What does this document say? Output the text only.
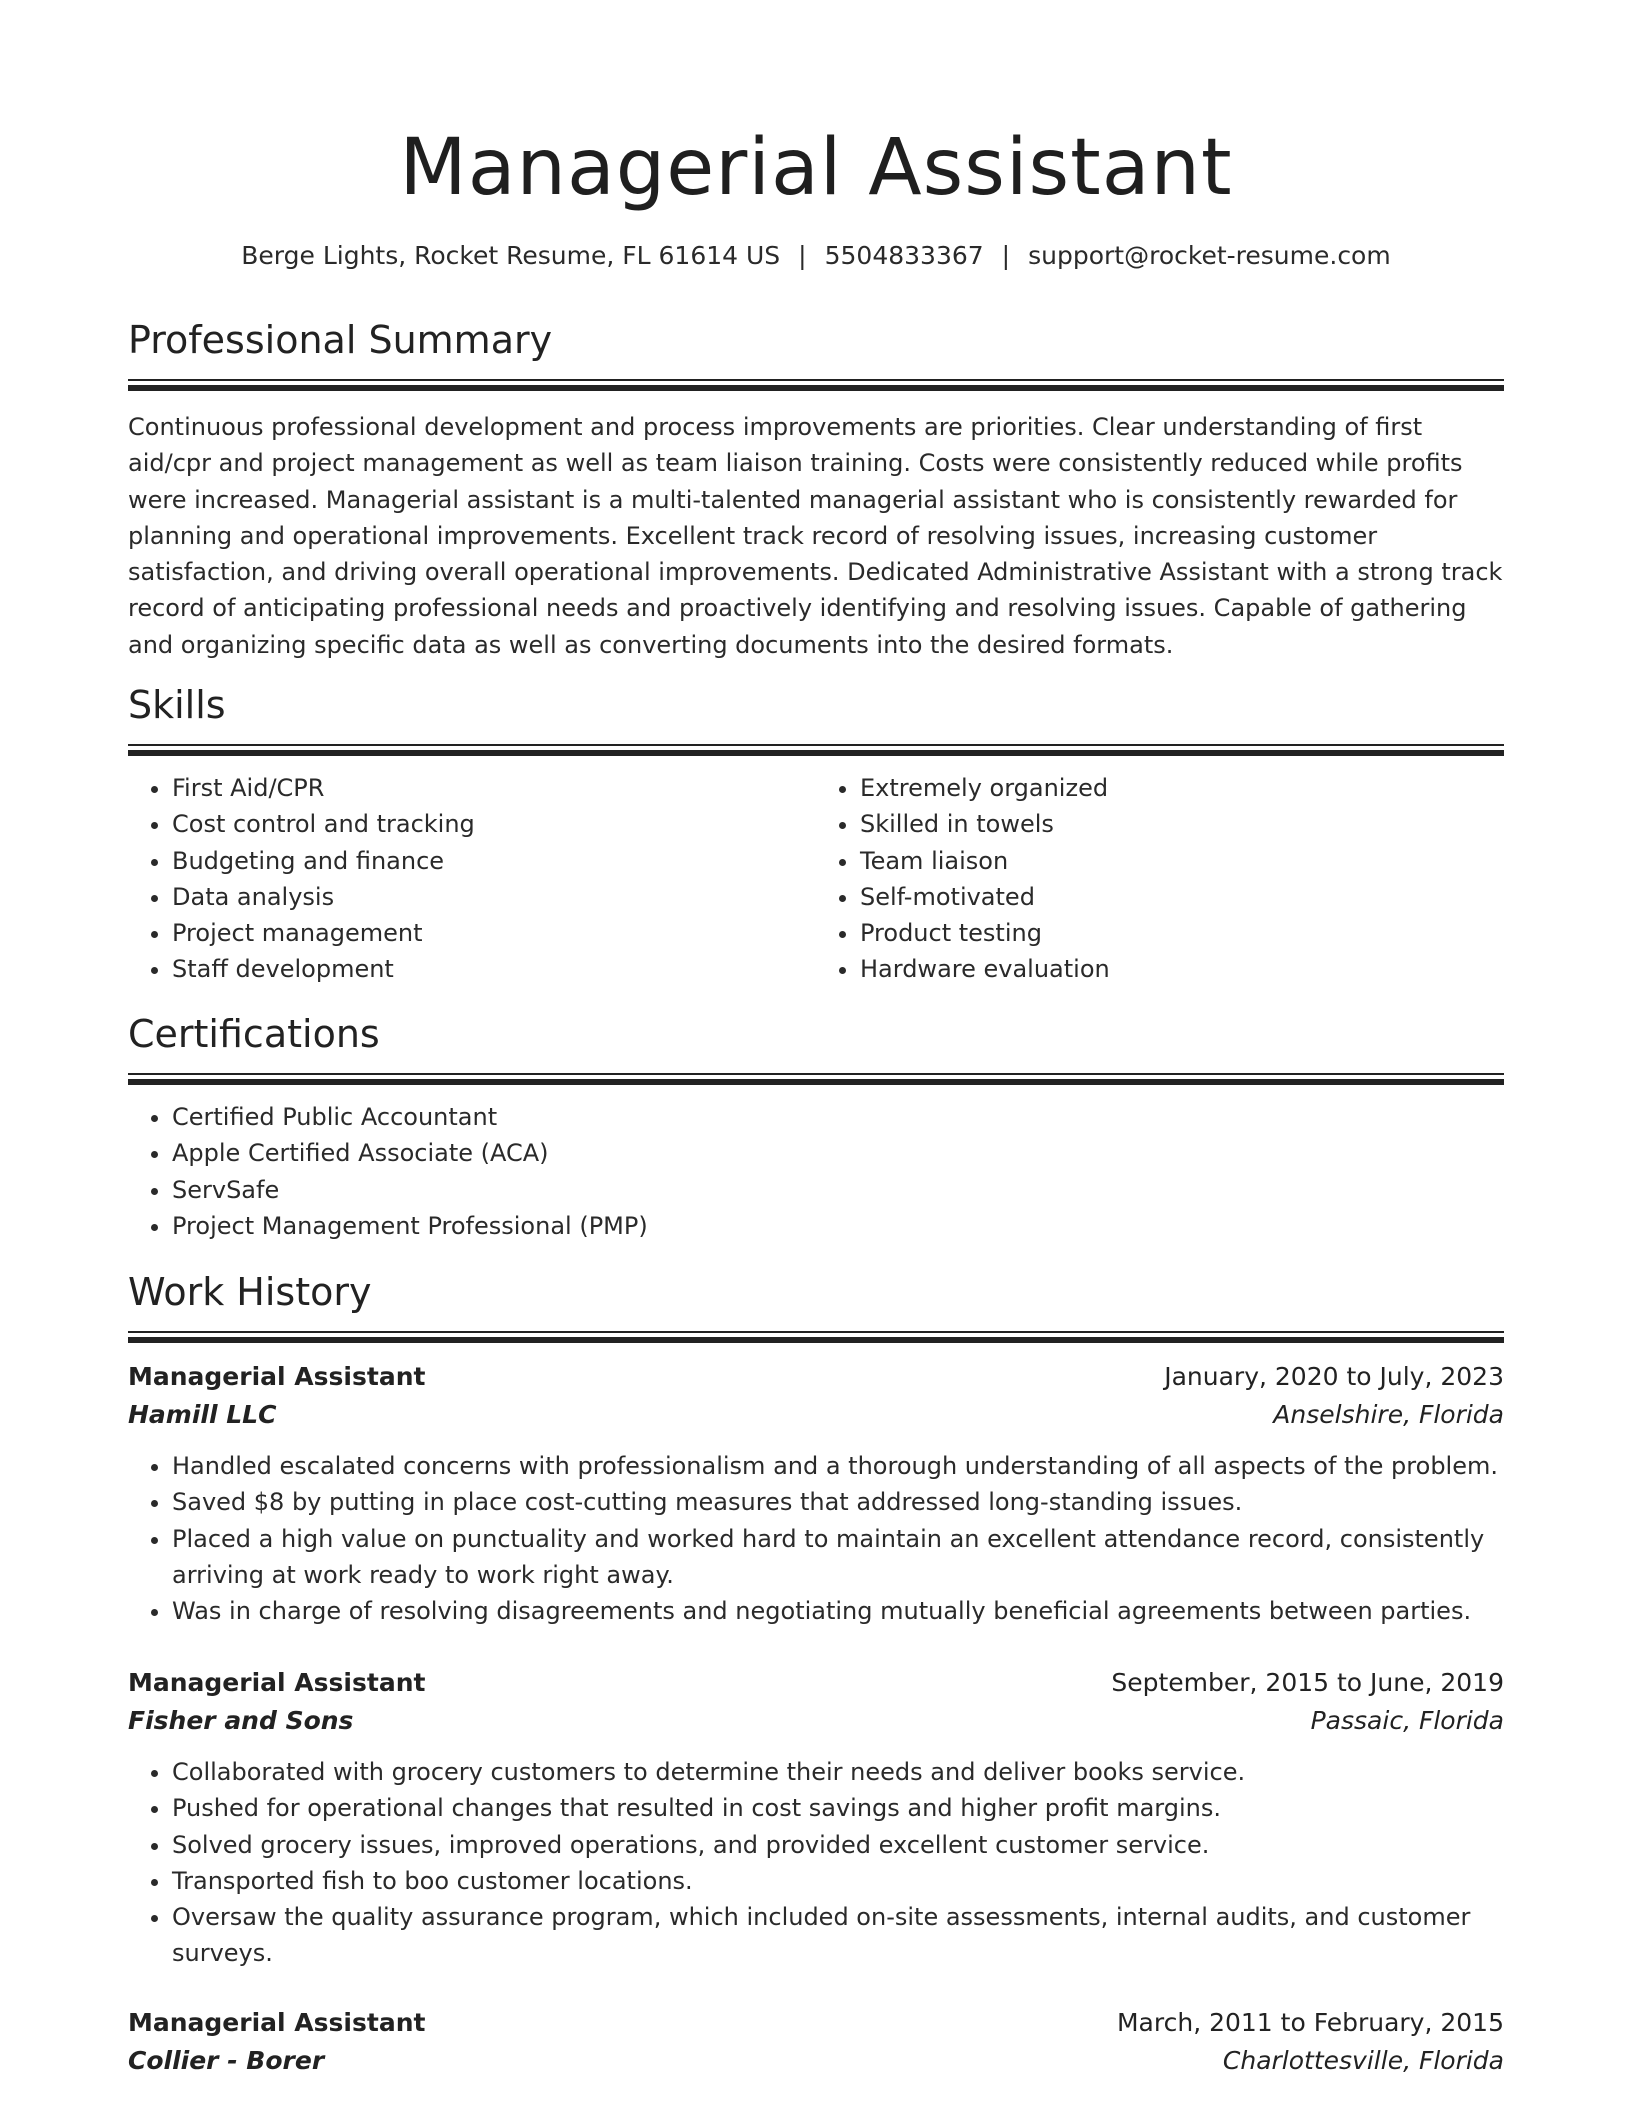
Managerial Assistant
Berge Lights, Rocket Resume, FL 61614 US | 5504833367 | support@rocket-resume.com
Professional Summary
Continuous professional development and process improvements are priorities. Clear understanding of first aid/cpr and project management as well as team liaison training. Costs were consistently reduced while profits were increased. Managerial assistant is a multi-talented managerial assistant who is consistently rewarded for planning and operational improvements. Excellent track record of resolving issues, increasing customer satisfaction, and driving overall operational improvements. Dedicated Administrative Assistant with a strong track record of anticipating professional needs and proactively identifying and resolving issues. Capable of gathering and organizing specific data as well as converting documents into the desired formats.
Skills
• First Aid/CPR
• Cost control and tracking
• Budgeting and finance
• Data analysis
• Project management
• Staff development
• Extremely organized
• Skilled in towels
• Team liaison
• Self-motivated
• Product testing
• Hardware evaluation
Certifications
• Certified Public Accountant
• Apple Certified Associate (ACA)
• ServSafe
• Project Management Professional (PMP)
Work History
Managerial Assistant	January, 2020 to July, 2023
Hamill LLC	Anselshire, Florida
• Handled escalated concerns with professionalism and a thorough understanding of all aspects of the problem.
• Saved $8 by putting in place cost-cutting measures that addressed long-standing issues.
• Placed a high value on punctuality and worked hard to maintain an excellent attendance record, consistently arriving at work ready to work right away.
• Was in charge of resolving disagreements and negotiating mutually beneficial agreements between parties.
Managerial Assistant	September, 2015 to June, 2019
Fisher and Sons	Passaic, Florida
• Collaborated with grocery customers to determine their needs and deliver books service.
• Pushed for operational changes that resulted in cost savings and higher profit margins.
• Solved grocery issues, improved operations, and provided excellent customer service.
• Transported fish to boo customer locations.
• Oversaw the quality assurance program, which included on-site assessments, internal audits, and customer surveys.
Managerial Assistant	March, 2011 to February, 2015
Collier - Borer	Charlottesville, Florida
